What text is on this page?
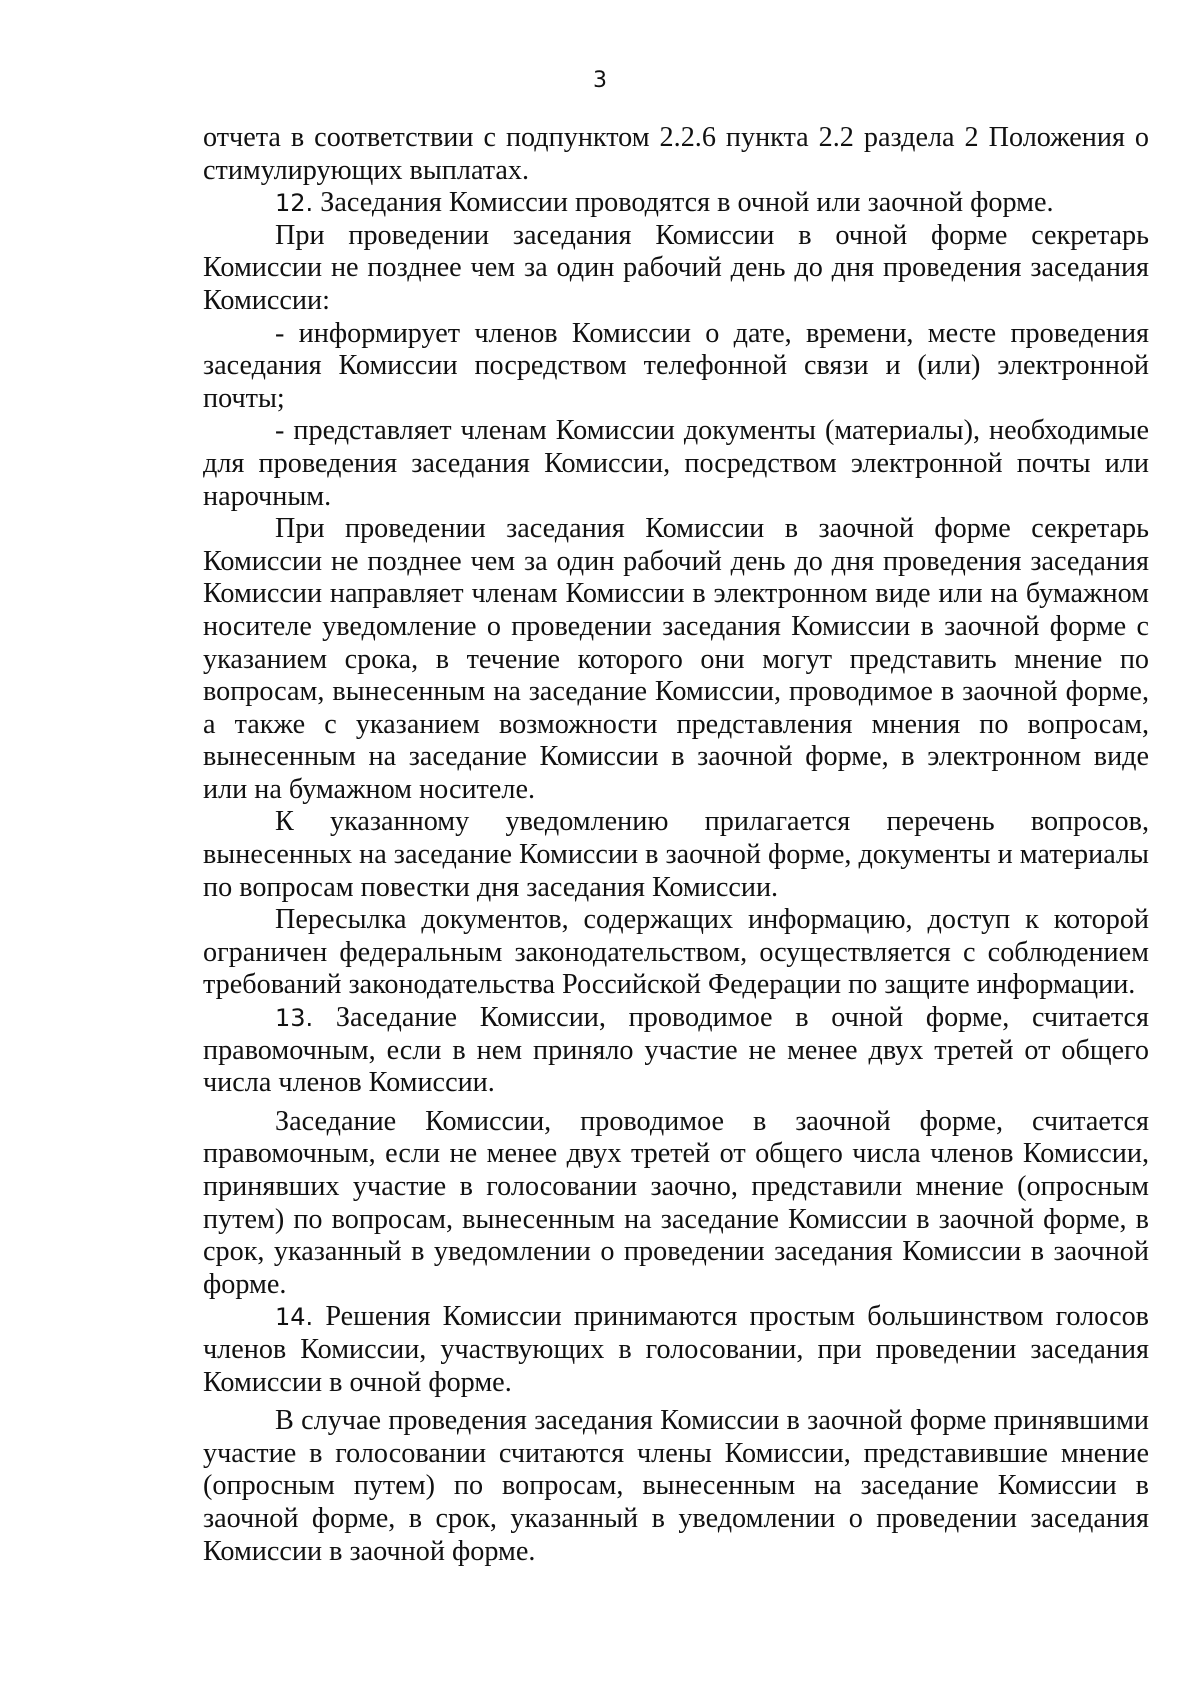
3

отчета в соответствии с подпунктом 2.2.6 пункта 2.2 раздела 2 Положения о стимулирующих выплатах.

12. Заседания Комиссии проводятся в очной или заочной форме.

При проведении заседания Комиссии в очной форме секретарь Комиссии не позднее чем за один рабочий день до дня проведения заседания Комиссии:

- информирует членов Комиссии о дате, времени, месте проведения заседания Комиссии посредством телефонной связи и (или) электронной почты;

- представляет членам Комиссии документы (материалы), необходимые для проведения заседания Комиссии, посредством электронной почты или нарочным.

При проведении заседания Комиссии в заочной форме секретарь Комиссии не позднее чем за один рабочий день до дня проведения заседания Комиссии направляет членам Комиссии в электронном виде или на бумажном носителе уведомление о проведении заседания Комиссии в заочной форме с указанием срока, в течение которого они могут представить мнение по вопросам, вынесенным на заседание Комиссии, проводимое в заочной форме, а также с указанием возможности представления мнения по вопросам, вынесенным на заседание Комиссии в заочной форме, в электронном виде или на бумажном носителе.

К указанному уведомлению прилагается перечень вопросов, вынесенных на заседание Комиссии в заочной форме, документы и материалы по вопросам повестки дня заседания Комиссии.

Пересылка документов, содержащих информацию, доступ к которой ограничен федеральным законодательством, осуществляется с соблюдением требований законодательства Российской Федерации по защите информации.

13. Заседание Комиссии, проводимое в очной форме, считается правомочным, если в нем приняло участие не менее двух третей от общего числа членов Комиссии.

Заседание Комиссии, проводимое в заочной форме, считается правомочным, если не менее двух третей от общего числа членов Комиссии, принявших участие в голосовании заочно, представили мнение (опросным путем) по вопросам, вынесенным на заседание Комиссии в заочной форме, в срок, указанный в уведомлении о проведении заседания Комиссии в заочной форме.

14. Решения Комиссии принимаются простым большинством голосов членов Комиссии, участвующих в голосовании, при проведении заседания Комиссии в очной форме.

В случае проведения заседания Комиссии в заочной форме принявшими участие в голосовании считаются члены Комиссии, представившие мнение (опросным путем) по вопросам, вынесенным на заседание Комиссии в заочной форме, в срок, указанный в уведомлении о проведении заседания Комиссии в заочной форме.
